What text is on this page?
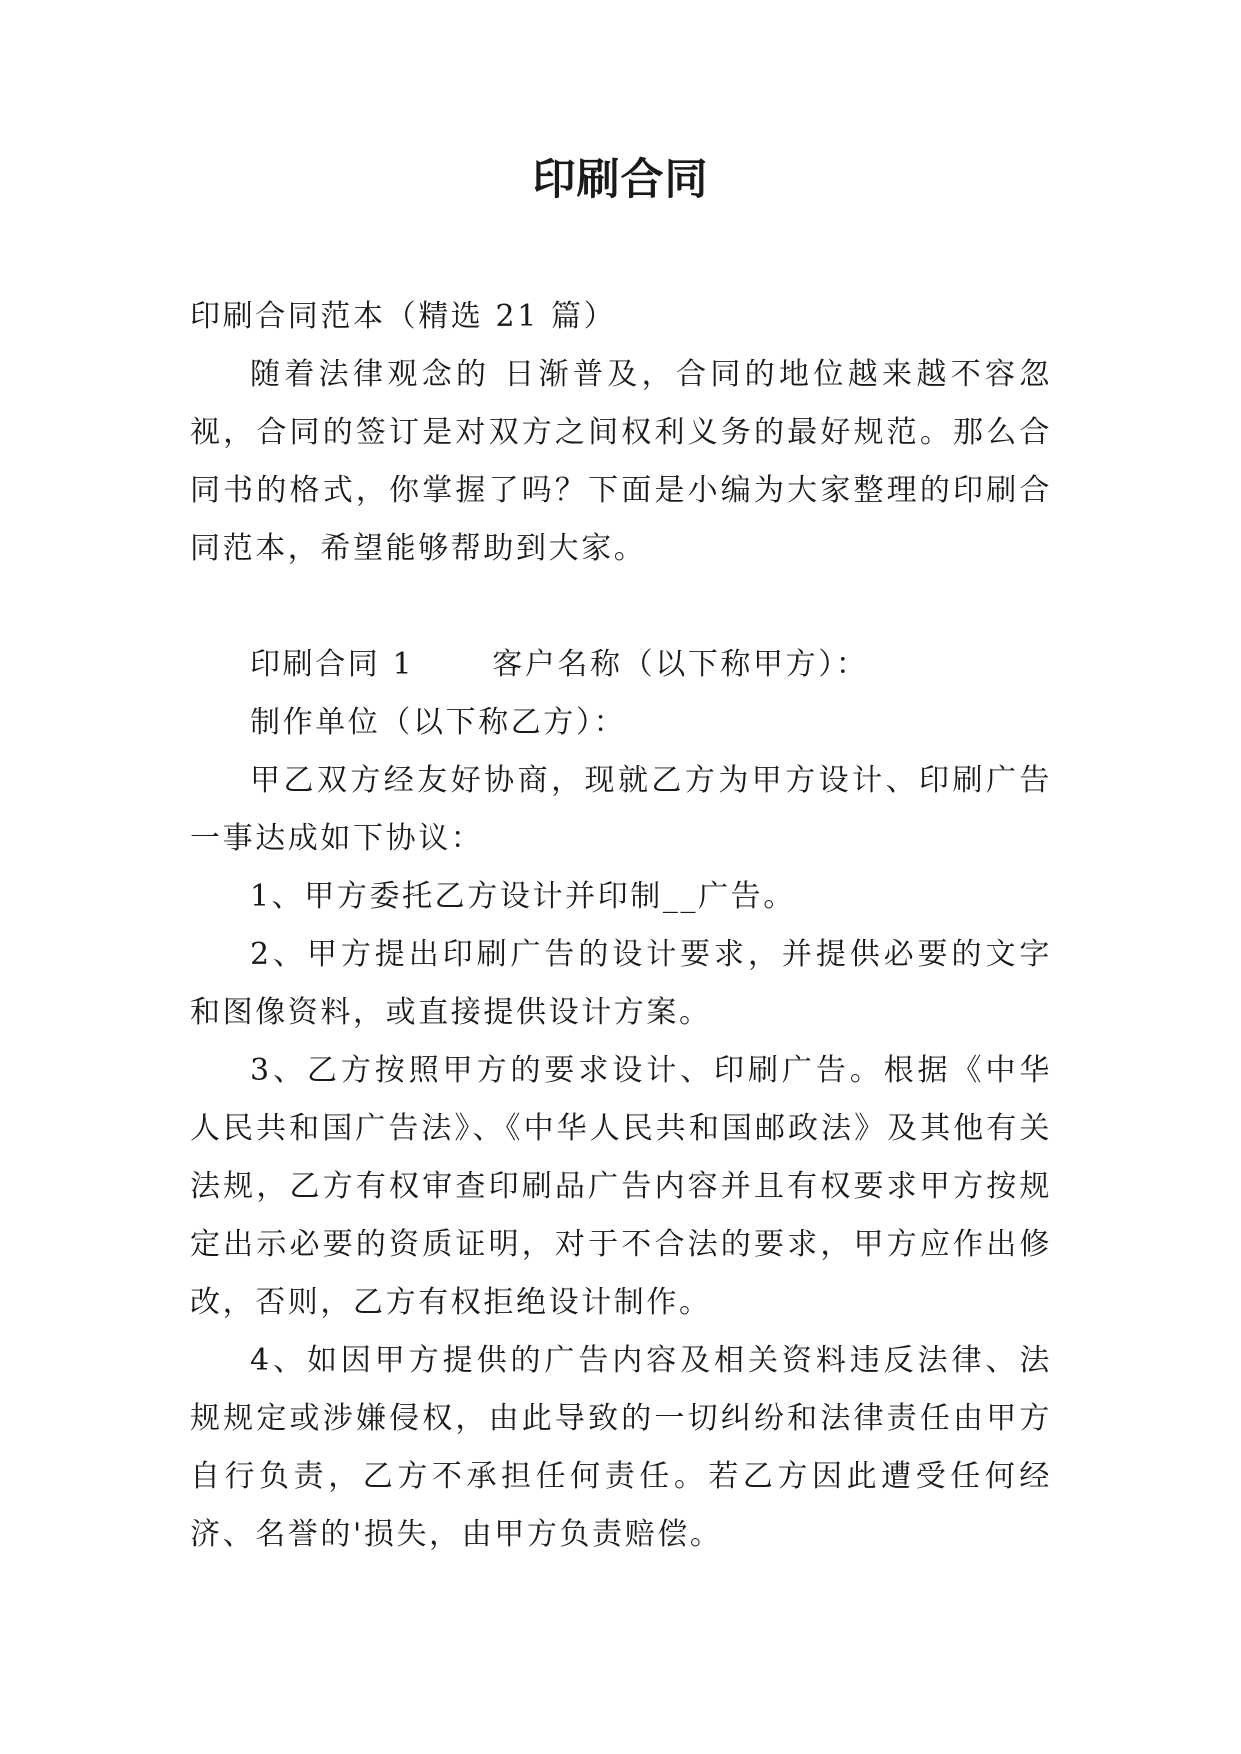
印刷合同

印刷合同范本（精选 21 篇）

随着法律观念的 日渐普及，合同的地位越来越不容忽视，合同的签订是对双方之间权利义务的最好规范。那么合同书的格式，你掌握了吗？下面是小编为大家整理的印刷合同范本，希望能够帮助到大家。

印刷合同 1	客户名称（以下称甲方）：

制作单位（以下称乙方）：

甲乙双方经友好协商，现就乙方为甲方设计、印刷广告一事达成如下协议：

1、甲方委托乙方设计并印制__广告。

2、甲方提出印刷广告的设计要求，并提供必要的文字和图像资料，或直接提供设计方案。

3、乙方按照甲方的要求设计、印刷广告。根据《中华人民共和国广告法》、《中华人民共和国邮政法》及其他有关法规，乙方有权审查印刷品广告内容并且有权要求甲方按规定出示必要的资质证明，对于不合法的要求，甲方应作出修改，否则，乙方有权拒绝设计制作。

4、如因甲方提供的广告内容及相关资料违反法律、法规规定或涉嫌侵权，由此导致的一切纠纷和法律责任由甲方自行负责，乙方不承担任何责任。若乙方因此遭受任何经济、名誉的'损失，由甲方负责赔偿。
